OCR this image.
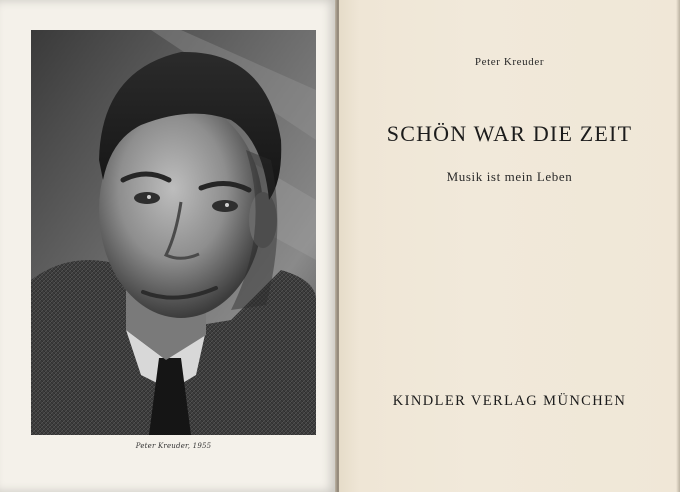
Peter Kreuder, 1955
Peter Kreuder
SCHÖN WAR DIE ZEIT
Musik ist mein Leben
KINDLER VERLAG MÜNCHEN
